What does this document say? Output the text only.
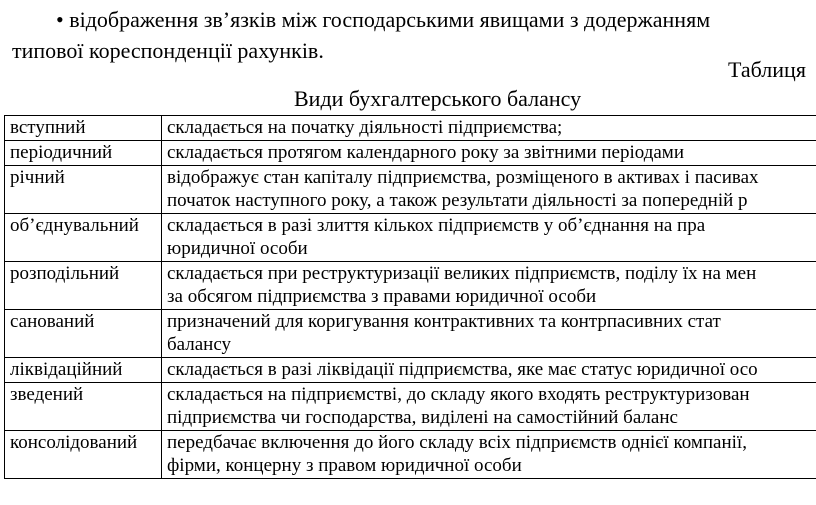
• відображення зв’язків між господарськими явищами з додержанням
типової кореспонденції рахунків.
Таблиця
Види бухгалтерського балансу
вступний	складається на початку діяльності підприємства;

періодичний	складається протягом календарного року за звітними періодами

річний	відображує стан капіталу підприємства, розміщеного в активах і пасивах
початок наступного року, а також результати діяльності за попередній р

об’єднувальний	складається в разі злиття кількох підприємств у об’єднання на пра
юридичної особи

розподільний	складається при реструктуризації великих підприємств, поділу їх на мен
за обсягом підприємства з правами юридичної особи

санований	призначений для коригування контрактивних та контрпасивних стат
балансу

ліквідаційний	складається в разі ліквідації підприємства, яке має статус юридичної осо

зведений	складається на підприємстві, до складу якого входять реструктуризован
підприємства чи господарства, виділені на самостійний баланс

консолідований	передбачає включення до його складу всіх підприємств однієї компанії,
фірми, концерну з правом юридичної особи
